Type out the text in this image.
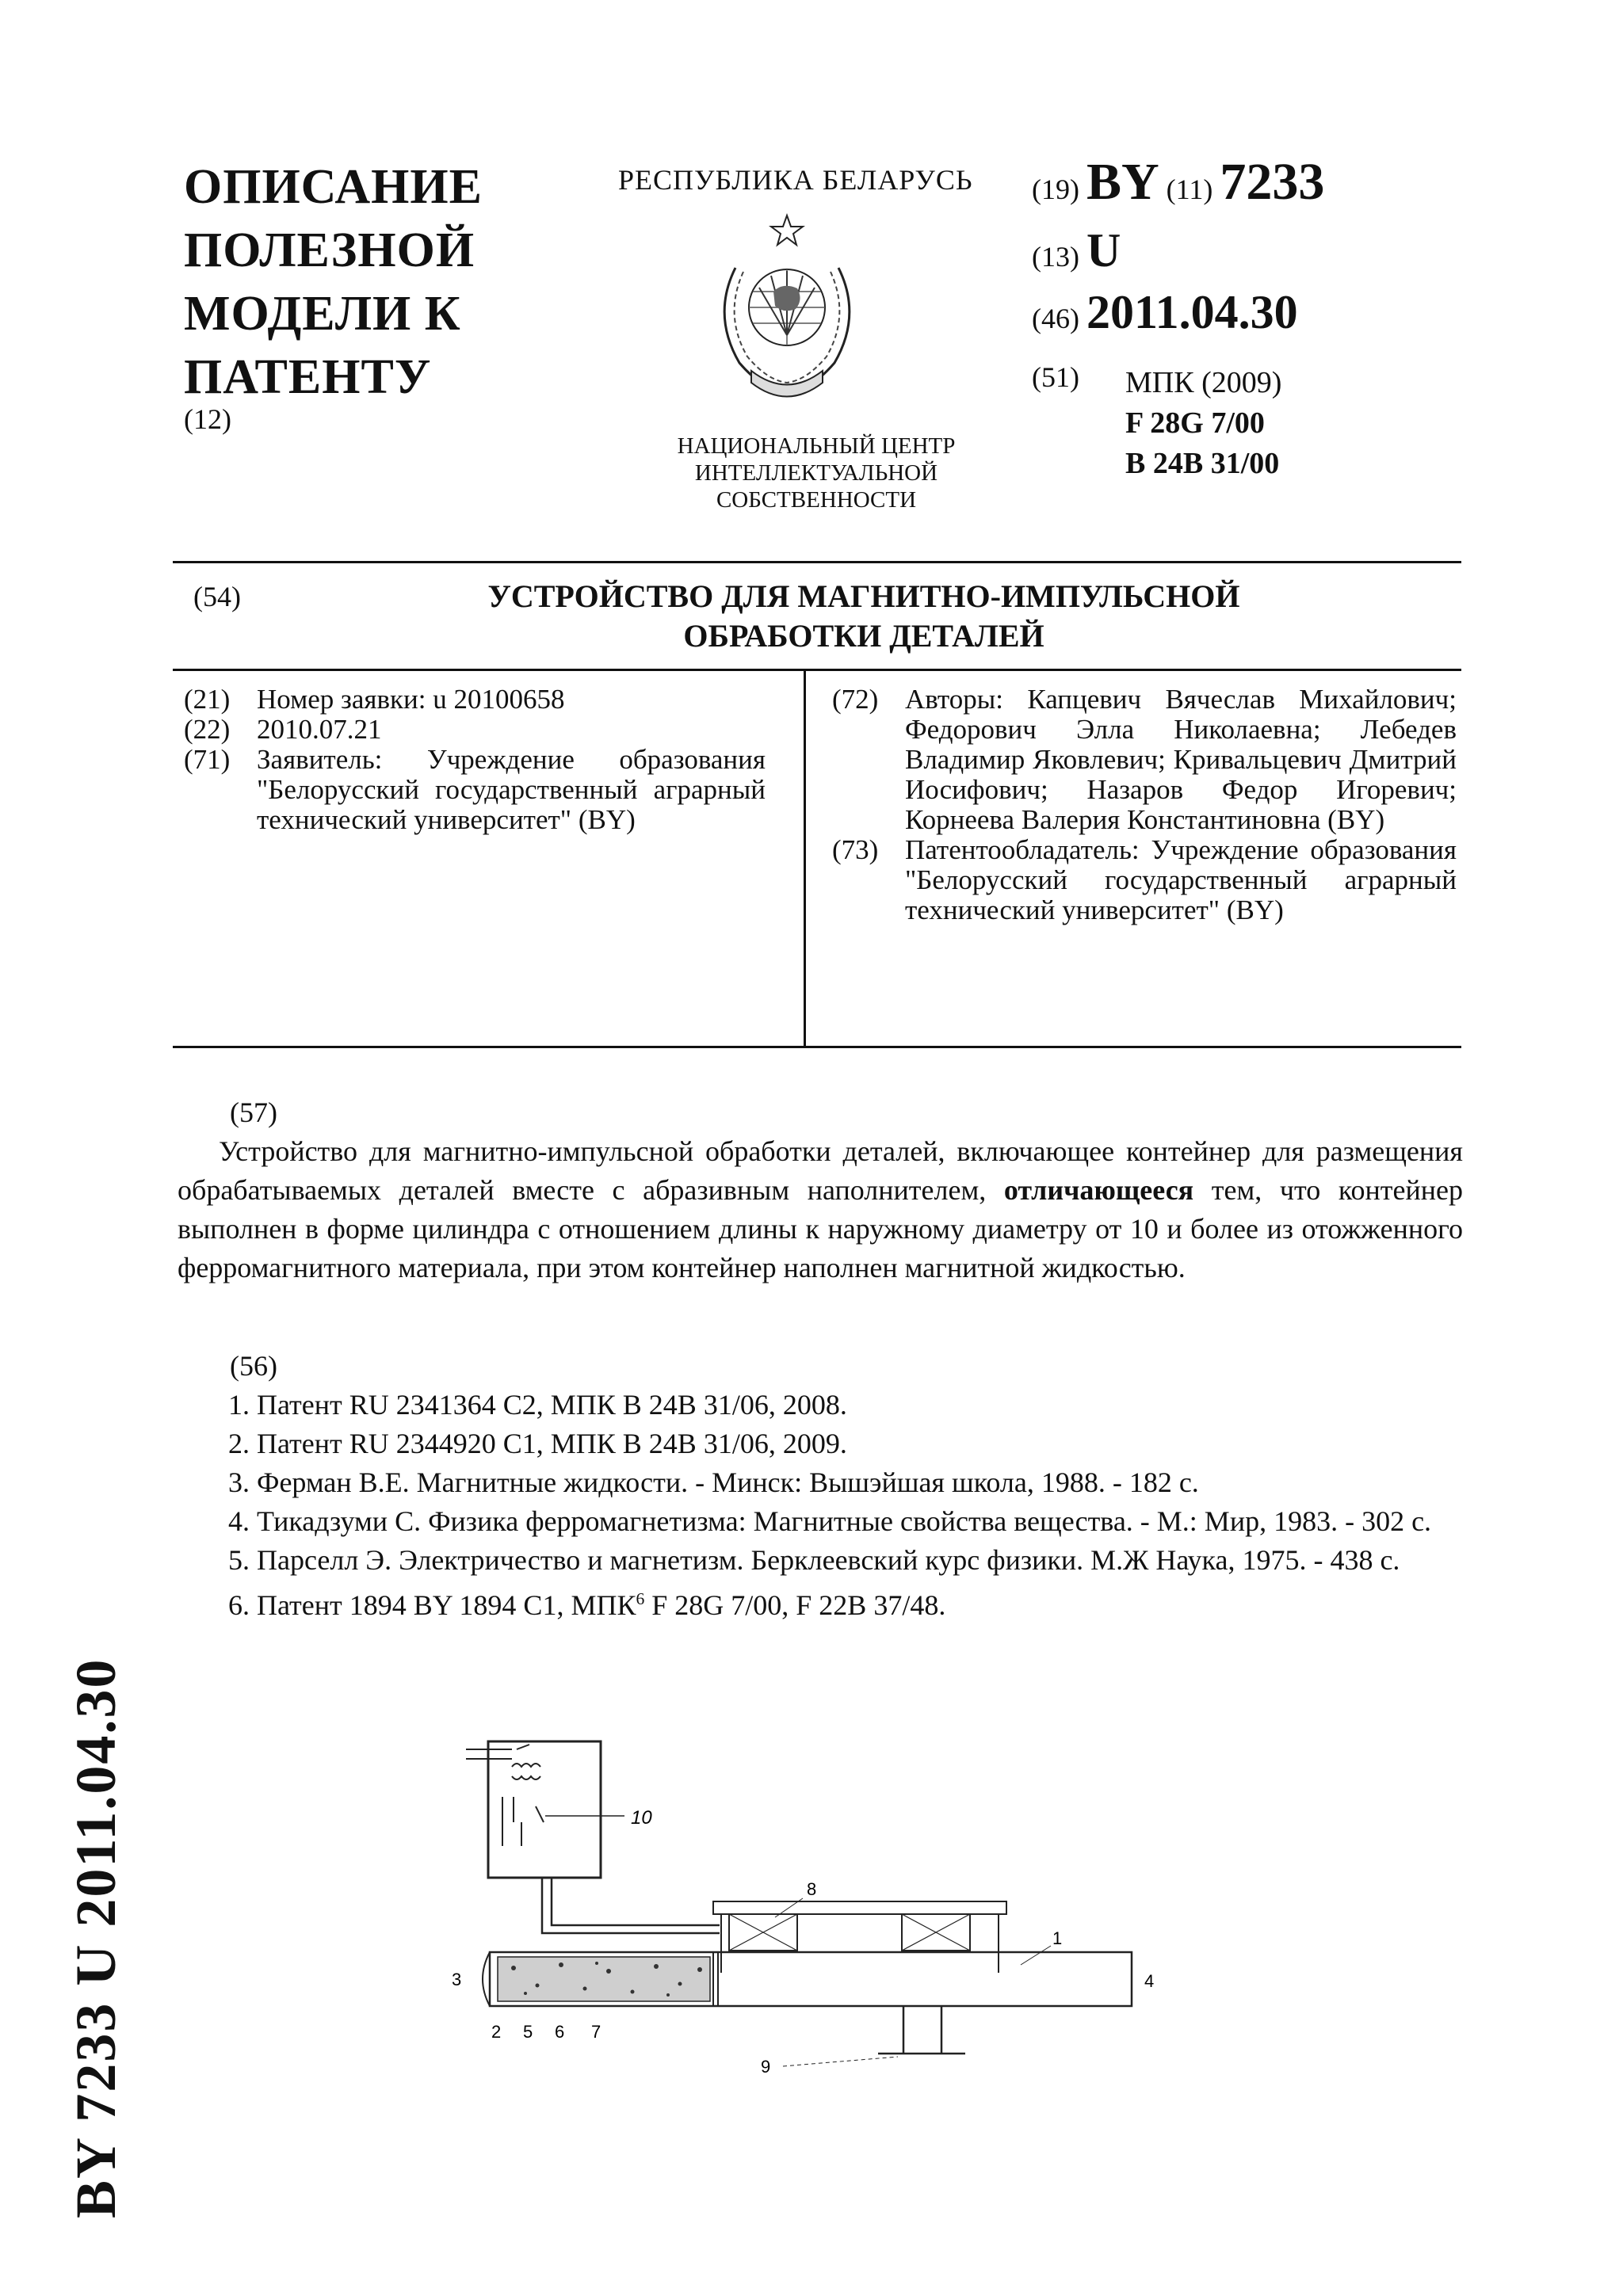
ОПИСАНИЕ
ПОЛЕЗНОЙ
МОДЕЛИ К
ПАТЕНТУ
(12)
РЕСПУБЛИКА БЕЛАРУСЬ
НАЦИОНАЛЬНЫЙ ЦЕНТР
ИНТЕЛЛЕКТУАЛЬНОЙ
СОБСТВЕННОСТИ
(19) BY (11) 7233
(13) U
(46) 2011.04.30
(51) МПК (2009)
F 28G 7/00
B 24B 31/00
(54)	УСТРОЙСТВО ДЛЯ МАГНИТНО-ИМПУЛЬСНОЙ
ОБРАБОТКИ ДЕТАЛЕЙ

(21) Номер заявки: u 20100658

(22) 2010.07.21

(71) Заявитель: Учреждение образования "Белорусский государственный аграрный технический университет" (BY)

(72) Авторы: Капцевич Вячеслав Михайлович; Федорович Элла Николаевна; Лебедев Владимир Яковлевич; Кривальцевич Дмитрий Иосифович; Назаров Федор Игоревич; Корнеева Валерия Константиновна (BY)

(73) Патентообладатель: Учреждение образования "Белорусский государственный аграрный технический университет" (BY)

(57)

Устройство для магнитно-импульсной обработки деталей, включающее контейнер для размещения обрабатываемых деталей вместе с абразивным наполнителем, отличающееся тем, что контейнер выполнен в форме цилиндра с отношением длины к наружному диаметру от 10 и более из отожженного ферромагнитного материала, при этом контейнер наполнен магнитной жидкостью.

(56)

1. Патент RU 2341364 C2, МПК B 24B 31/06, 2008.

2. Патент RU 2344920 C1, МПК B 24B 31/06, 2009.

3. Ферман В.Е. Магнитные жидкости. - Минск: Вышэйшая школа, 1988. - 182 с.

4. Тикадзуми С. Физика ферромагнетизма: Магнитные свойства вещества. - М.: Мир, 1983. - 302 с.

5. Парселл Э. Электричество и магнетизм. Берклеевский курс физики. М.Ж Наука, 1975. - 438 с.

6. Патент 1894 BY 1894 C1, МПК$^6$ F 28G 7/00, F 22B 37/48.

BY 7233 U 2011.04.30	10
8
1
4
3
2 5 6 7
9
